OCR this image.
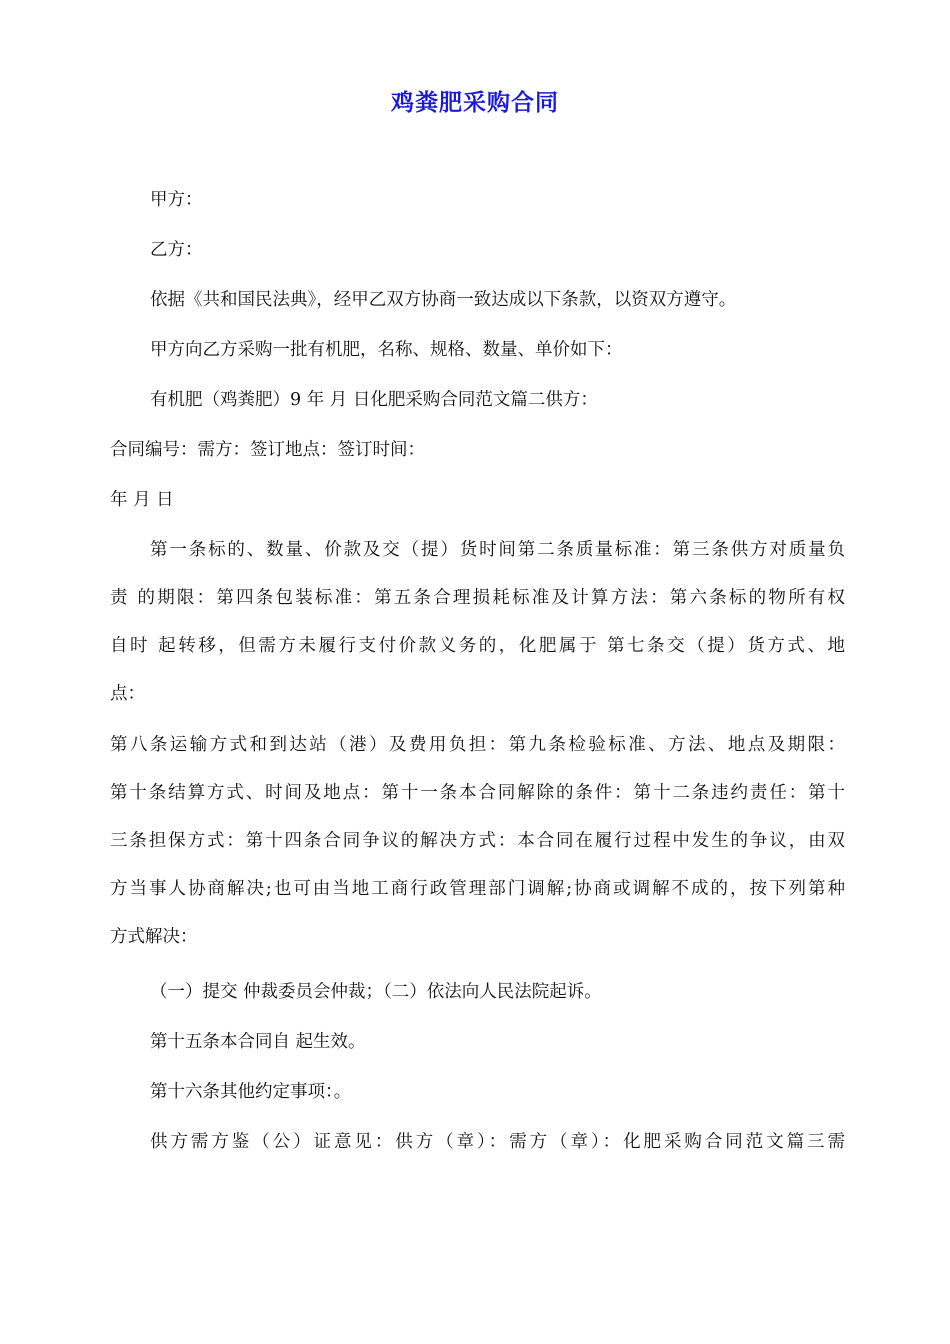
鸡粪肥采购合同
甲方：
乙方：
依据《共和国民法典》，经甲乙双方协商一致达成以下条款，以资双方遵守。
甲方向乙方采购一批有机肥，名称、规格、数量、单价如下：
有机肥（鸡粪肥）9 年 月 日化肥采购合同范文篇二供方：
合同编号：需方：签订地点：签订时间：
年 月 日
第一条标的、数量、价款及交（提）货时间第二条质量标准：第三条供方对质量负
责 的期限：第四条包装标准：第五条合理损耗标准及计算方法：第六条标的物所有权
自时 起转移，但需方未履行支付价款义务的，化肥属于 第七条交（提）货方式、地
点：
第八条运输方式和到达站（港）及费用负担：第九条检验标准、方法、地点及期限：
第十条结算方式、时间及地点：第十一条本合同解除的条件：第十二条违约责任：第十
三条担保方式：第十四条合同争议的解决方式：本合同在履行过程中发生的争议，由双
方当事人协商解决;也可由当地工商行政管理部门调解;协商或调解不成的，按下列第种
方式解决：
（一）提交 仲裁委员会仲裁；（二）依法向人民法院起诉。
第十五条本合同自 起生效。
第十六条其他约定事项：。
供方需方鉴（公）证意见：供方（章）：需方（章）：化肥采购合同范文篇三需
